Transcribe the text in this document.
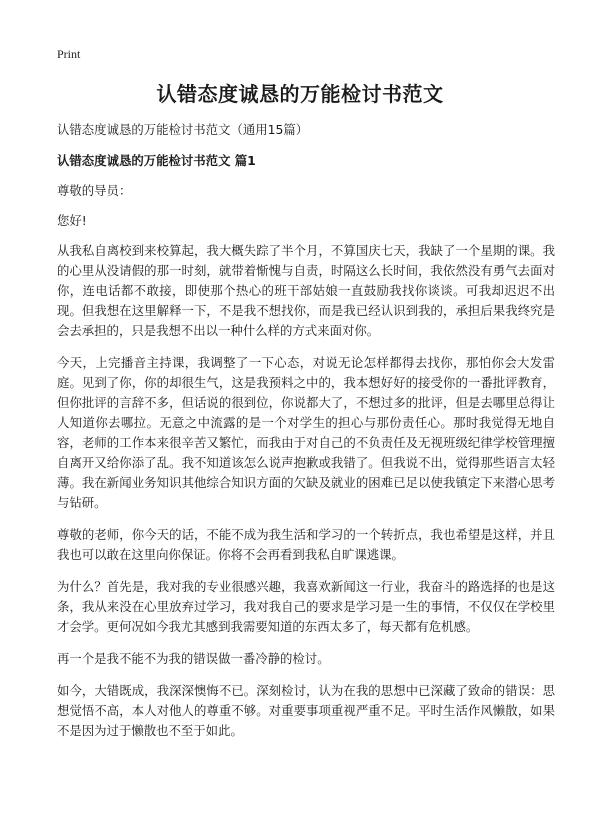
Print
认错态度诚恳的万能检讨书范文

认错态度诚恳的万能检讨书范文（通用15篇）

认错态度诚恳的万能检讨书范文 篇1

尊敬的导员：

您好!

从我私自离校到来校算起，我大概失踪了半个月，不算国庆七天，我缺了一个星期的课。我的心里从没请假的那一时刻，就带着惭愧与自责，时隔这么长时间，我依然没有勇气去面对你，连电话都不敢接，即使那个热心的班干部姑娘一直鼓励我找你谈谈。可我却迟迟不出现。但我想在这里解释一下，不是我不想找你，而是我已经认识到我的，承担后果我终究是会去承担的，只是我想不出以一种什么样的方式来面对你。

今天，上完播音主持课，我调整了一下心态，对说无论怎样都得去找你，那怕你会大发雷庭。见到了你，你的却很生气，这是我预料之中的，我本想好好的接受你的一番批评教育，但你批评的言辞不多，但话说的很到位，你说都大了，不想过多的批评，但是去哪里总得让人知道你去哪拉。无意之中流露的是一个对学生的担心与那份责任心。那时我觉得无地自容，老师的工作本来很辛苦又繁忙，而我由于对自己的不负责任及无视班级纪律学校管理擅自离开又给你添了乱。我不知道该怎么说声抱歉或我错了。但我说不出，觉得那些语言太轻薄。我在新闻业务知识其他综合知识方面的欠缺及就业的困难已足以使我镇定下来潜心思考与钻研。

尊敬的老师，你今天的话，不能不成为我生活和学习的一个转折点，我也希望是这样，并且我也可以敢在这里向你保证。你将不会再看到我私自旷课逃课。

为什么？首先是，我对我的专业很感兴趣，我喜欢新闻这一行业，我奋斗的路选择的也是这条，我从来没在心里放弃过学习，我对我自己的要求是学习是一生的事情，不仅仅在学校里才会学。更何况如今我尤其感到我需要知道的东西太多了，每天都有危机感。

再一个是我不能不为我的错误做一番冷静的检讨。

如今，大错既成，我深深懊悔不已。深刻检讨，认为在我的思想中已深藏了致命的错误：思想觉悟不高，本人对他人的尊重不够。对重要事项重视严重不足。平时生活作风懒散，如果不是因为过于懒散也不至于如此。
